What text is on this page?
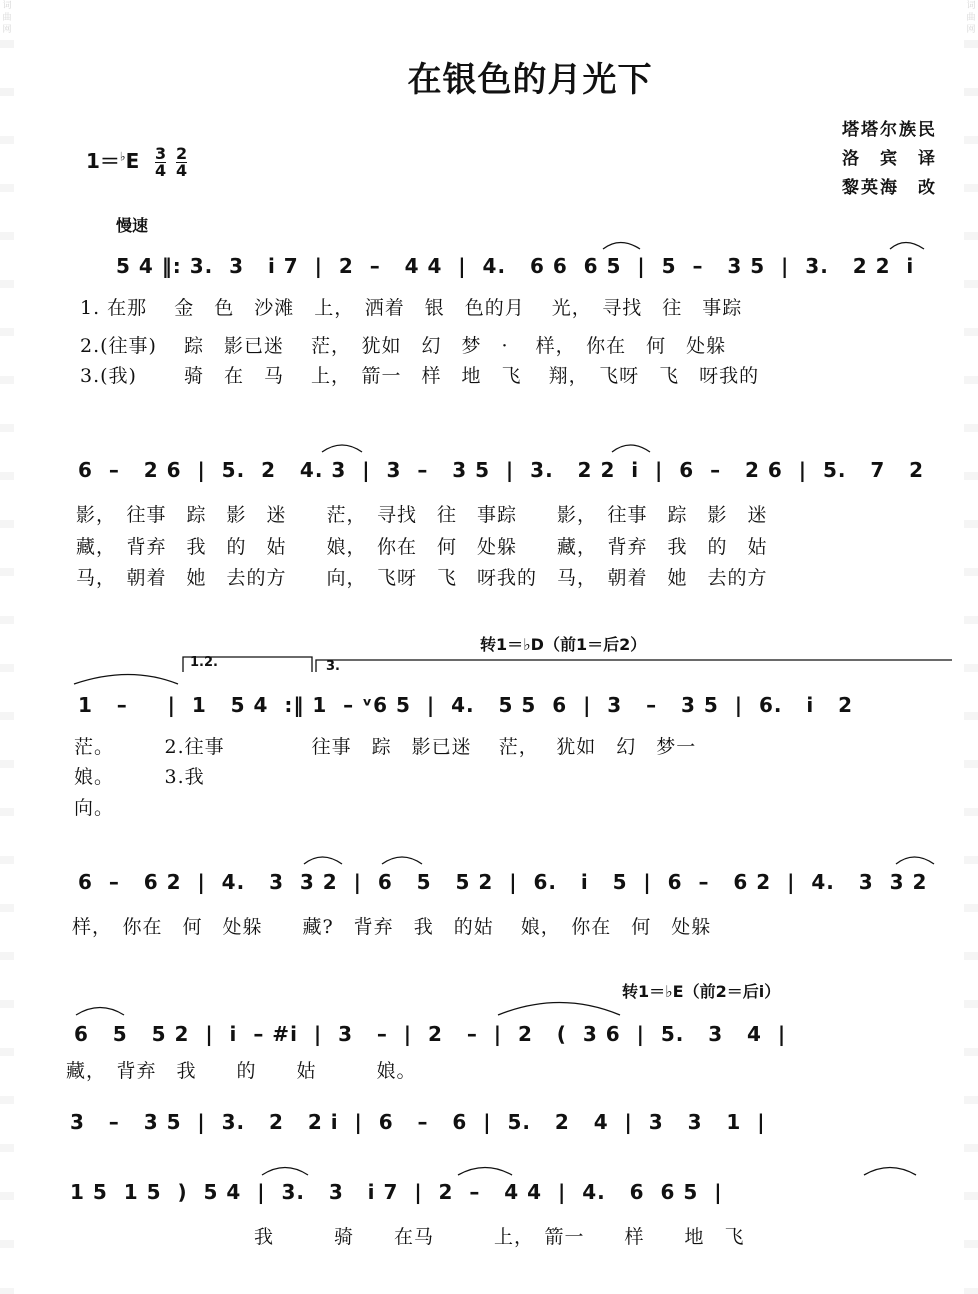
词曲网
词曲网
在银色的月光下
塔塔尔族民
洛　宾　译
黎英海　改
1＝♭E 3
4
2
4
慢速
5 4 ‖: 3.  3   i 7  |  2  –   4 4  |  4.   6 6  6 5  |  5  –   3 5  |  3.   2 2  i
1. 在那　 金　色　沙滩　上，　洒着　银　色的月　 光，　寻找　往　事踪
2.(往事)　 踪　影已迷　 茫，　犹如　幻　梦　·　 样，　你在　何　处躲
3.(我)　　 骑　在　马　 上，　箭一　样　地　飞　 翔，　飞呀　飞　呀我的
6  –   2 6  |  5.  2   4. 3  |  3  –   3 5  |  3.   2 2  i  |  6  –   2 6  |  5.   7   2
影，　往事　踪　影　迷　　茫，　寻找　往　事踪　　影，　往事　踪　影　迷
藏，　背弃　我　的　姑　　娘，　你在　何　处躲　　藏，　背弃　我　的　姑
马，　朝着　她　去的方　　向，　飞呀　飞　呀我的　马，　朝着　她　去的方
转1＝♭D（前1＝后2）
1.2.	3.
1   –     |  1   5 4  :‖ 1  – ᵛ6 5  |  4.   5 5  6  |  3   –   3 5  |  6.   i   2
茫。　　　2.往事　　　　 往事　踪　影已迷　 茫，　 犹如　幻　梦一
娘。　　　3.我
向。
6  –   6 2  |  4.   3  3 2  |  6   5   5 2  |  6.   i   5  |  6  –   6 2  |  4.   3  3 2
样，　你在　何　处躲　　藏?　背弃　我　的姑　 娘，　你在　何　处躲
转1＝♭E（前2＝后i）
6   5   5 2  |  i  – #i  |  3   –  |  2   –  |  2   (  3 6  |  5.   3   4  |
藏，　背弃　我　　的　　姑　　　娘。
3   –   3 5  |  3.   2   2 i  |  6   –   6  |  5.   2   4  |  3   3   1  |
1 5  1 5  )  5 4  |  3.   3   i 7  |  2  –   4 4  |  4.   6  6 5  |
我　　　骑　　在马　　　上，　箭一　　样　　地　飞
